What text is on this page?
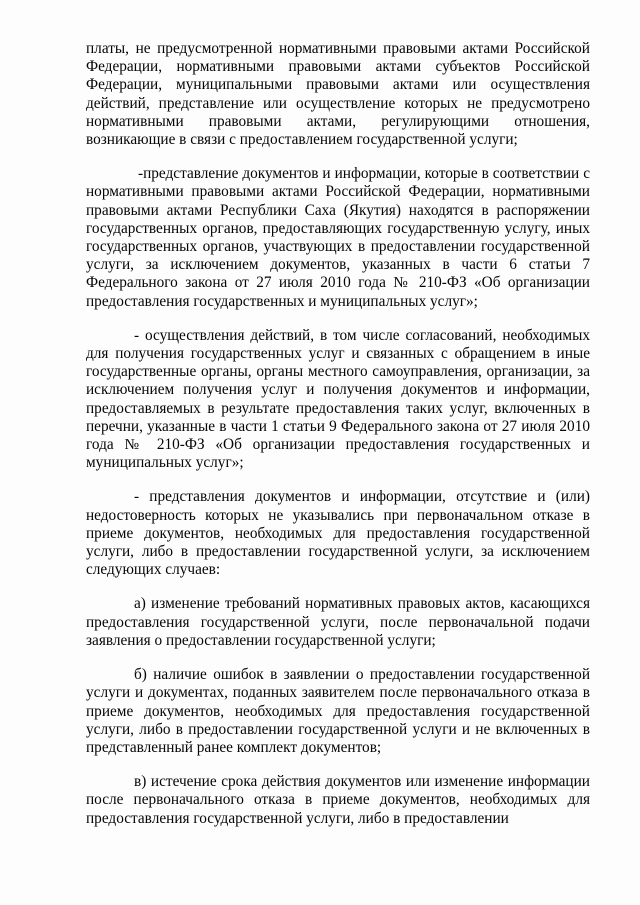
платы, не предусмотренной нормативными правовыми актами Российской Федерации, нормативными правовыми актами субъектов Российской Федерации, муниципальными правовыми актами или осуществления действий, представление или осуществление которых не предусмотрено нормативными правовыми актами, регулирующими отношения, возникающие в связи с предоставлением государственной услуги;

-представление документов и информации, которые в соответствии с нормативными правовыми актами Российской Федерации, нормативными правовыми актами Республики Саха (Якутия) находятся в распоряжении государственных органов, предоставляющих государственную услугу, иных государственных органов, участвующих в предоставлении государственной услуги, за исключением документов, указанных в части 6 статьи 7 Федерального закона от 27 июля 2010 года № 210-ФЗ «Об организации предоставления государственных и муниципальных услуг»;

- осуществления действий, в том числе согласований, необходимых для получения государственных услуг и связанных с обращением в иные государственные органы, органы местного самоуправления, организации, за исключением получения услуг и получения документов и информации, предоставляемых в результате предоставления таких услуг, включенных в перечни, указанные в части 1 статьи 9 Федерального закона от 27 июля 2010 года № 210-ФЗ «Об организации предоставления государственных и муниципальных услуг»;

- представления документов и информации, отсутствие и (или) недостоверность которых не указывались при первоначальном отказе в приеме документов, необходимых для предоставления государственной услуги, либо в предоставлении государственной услуги, за исключением следующих случаев:

а) изменение требований нормативных правовых актов, касающихся предоставления государственной услуги, после первоначальной подачи заявления о предоставлении государственной услуги;

б) наличие ошибок в заявлении о предоставлении государственной услуги и документах, поданных заявителем после первоначального отказа в приеме документов, необходимых для предоставления государственной услуги, либо в предоставлении государственной услуги и не включенных в представленный ранее комплект документов;

в) истечение срока действия документов или изменение информации после первоначального отказа в приеме документов, необходимых для предоставления государственной услуги, либо в предоставлении
